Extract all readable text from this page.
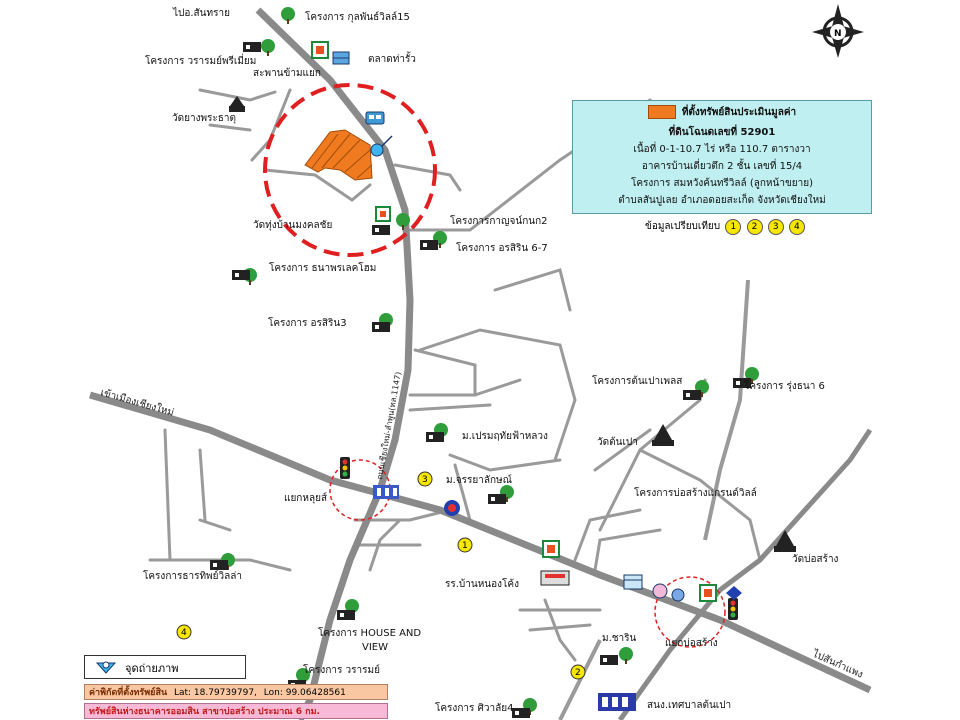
1
2
3
4
เข้าเมืองเชียงใหม่
ไปสันกำแพง
ถนนเชียงใหม่-ลำพูน(ทล.1147)
N
ไปอ.สันทราย	โครงการ กุลพันธ์วิลล์15
โครงการ วรารมย์พรีเมี่ยม	ตลาดท่ารั้ว
สะพานข้ามแยก
วัดยางพระธาตุ
วัดทุ่งบ้านมงคลชัย	โครงการกาญจน์กนก2
โครงการ อรสิริน 6-7
โครงการ ธนาพรเลคโฮม
โครงการ อรสิริน3
โครงการต้นเปาเพลส	โครงการ รุ่งธนา 6
ม.เปรมฤทัยฟ้าหลวง
วัดต้นเปา
ม.จรรยาลักษณ์
แยกหลุยส์	โครงการบ่อสร้างแกรนด์วิลล์
โครงการธารทิพย์วิลล่า
วัดบ่อสร้าง
รร.บ้านหนองโค้ง
โครงการ HOUSE AND
VIEW
ม.ชาริน	แยกบ่อสร้าง
โครงการ วรารมย์
โครงการ ศิวาลัย4	สนง.เทศบาลต้นเปา
ที่ตั้งทรัพย์สินประเมินมูลค่า
ที่ดินโฉนดเลขที่ 52901
เนื้อที่ 0-1-10.7 ไร่ หรือ 110.7 ตารางวา
อาคารบ้านเดี่ยวตึก 2 ชั้น เลขที่ 15/4
โครงการ สมหวังค้นทรีวิลล์ (ลูกหน้าขยาย)
ตำบลสันปูเลย อำเภอดอยสะเก็ด จังหวัดเชียงใหม่
ข้อมูลเปรียบเทียบ 1 2 3 4
จุดถ่ายภาพ
ค่าพิกัดที่ตั้งทรัพย์สิน Lat: 18.79739797, Lon: 99.06428561
ทรัพย์สินห่างธนาคารออมสิน สาขาบ่อสร้าง ประมาณ 6 กม.
